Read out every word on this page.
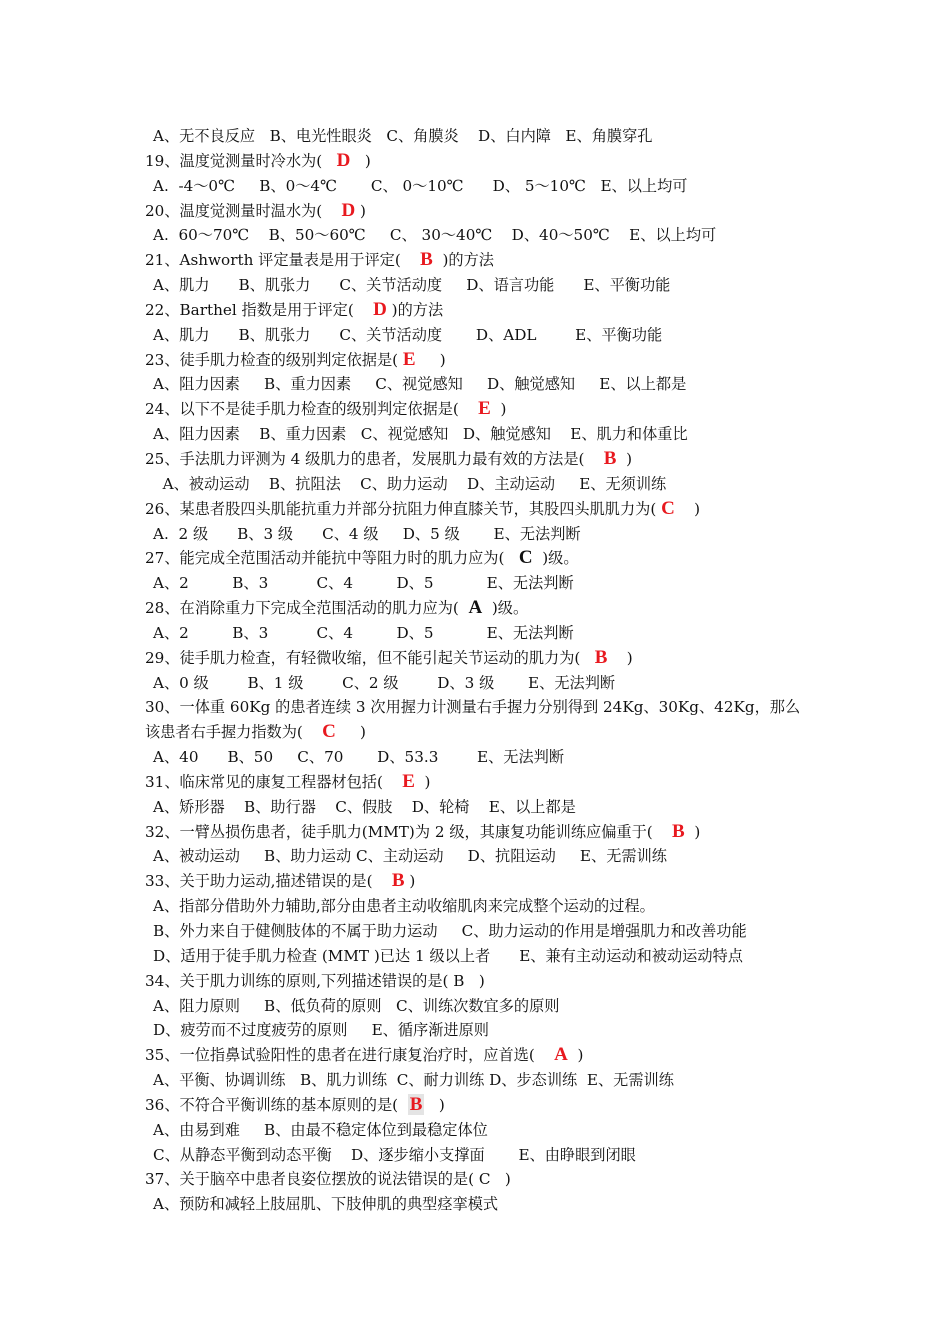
A、无不良反应   B、电光性眼炎   C、角膜炎    D、白内障   E、角膜穿孔
19、温度觉测量时冷水为(   D   )
A.  -4～0℃     B、0～4℃       C、 0～10℃      D、 5～10℃   E、以上均可
20、温度觉测量时温水为(    D )
A.  60～70℃    B、50～60℃     C、 30～40℃    D、40～50℃    E、以上均可
21、Ashworth 评定量表是用于评定(    B  )的方法
A、肌力      B、肌张力      C、关节活动度     D、语言功能      E、平衡功能
22、Barthel 指数是用于评定(    D )的方法
A、肌力      B、肌张力      C、关节活动度       D、ADL        E、平衡功能
23、徒手肌力检查的级别判定依据是( E     )
A、阻力因素     B、重力因素     C、视觉感知     D、触觉感知     E、以上都是
24、以下不是徒手肌力检查的级别判定依据是(    E  )
A、阻力因素    B、重力因素   C、视觉感知   D、触觉感知    E、肌力和体重比
25、手法肌力评测为 4 级肌力的患者，发展肌力最有效的方法是(    B  )
A、被动运动    B、抗阻法    C、助力运动    D、主动运动     E、无须训练
26、某患者股四头肌能抗重力并部分抗阻力伸直膝关节，其股四头肌肌力为( C    )
A.  2 级      B、3 级      C、4 级     D、5 级       E、无法判断
27、能完成全范围活动并能抗中等阻力时的肌力应为(   C  )级。
A、2         B、3          C、4         D、5           E、无法判断
28、在消除重力下完成全范围活动的肌力应为(  A  )级。
A、2         B、3          C、4         D、5           E、无法判断
29、徒手肌力检查，有轻微收缩，但不能引起关节运动的肌力为(   B    )
A、0 级        B、1 级        C、2 级        D、3 级       E、无法判断
30、一体重 60Kg 的患者连续 3 次用握力计测量右手握力分别得到 24Kg、30Kg、42Kg，那么
该患者右手握力指数为(    C     )
A、40      B、50     C、70       D、53.3        E、无法判断
31、临床常见的康复工程器材包括(    E  )
A、矫形器    B、助行器    C、假肢    D、轮椅    E、以上都是
32、一臂丛损伤患者，徒手肌力(MMT)为 2 级，其康复功能训练应偏重于(    B  )
A、被动运动     B、助力运动 C、主动运动     D、抗阻运动     E、无需训练
33、关于助力运动,描述错误的是(    B )
A、指部分借助外力辅助,部分由患者主动收缩肌肉来完成整个运动的过程。
B、外力来自于健侧肢体的不属于助力运动     C、助力运动的作用是增强肌力和改善功能
D、适用于徒手肌力检查 (MMT )已达 1 级以上者      E、兼有主动运动和被动运动特点
34、关于肌力训练的原则,下列描述错误的是( B   )
A、阻力原则     B、低负荷的原则   C、训练次数宜多的原则
D、疲劳而不过度疲劳的原则     E、循序渐进原则
35、一位指鼻试验阳性的患者在进行康复治疗时，应首选(    A  )
A、平衡、协调训练   B、肌力训练  C、耐力训练 D、步态训练  E、无需训练
36、不符合平衡训练的基本原则的是(  B   )
A、由易到难     B、由最不稳定体位到最稳定体位
C、从静态平衡到动态平衡    D、逐步缩小支撑面       E、由睁眼到闭眼
37、关于脑卒中患者良姿位摆放的说法错误的是( C   )
A、预防和减轻上肢屈肌、下肢伸肌的典型痉挛模式
